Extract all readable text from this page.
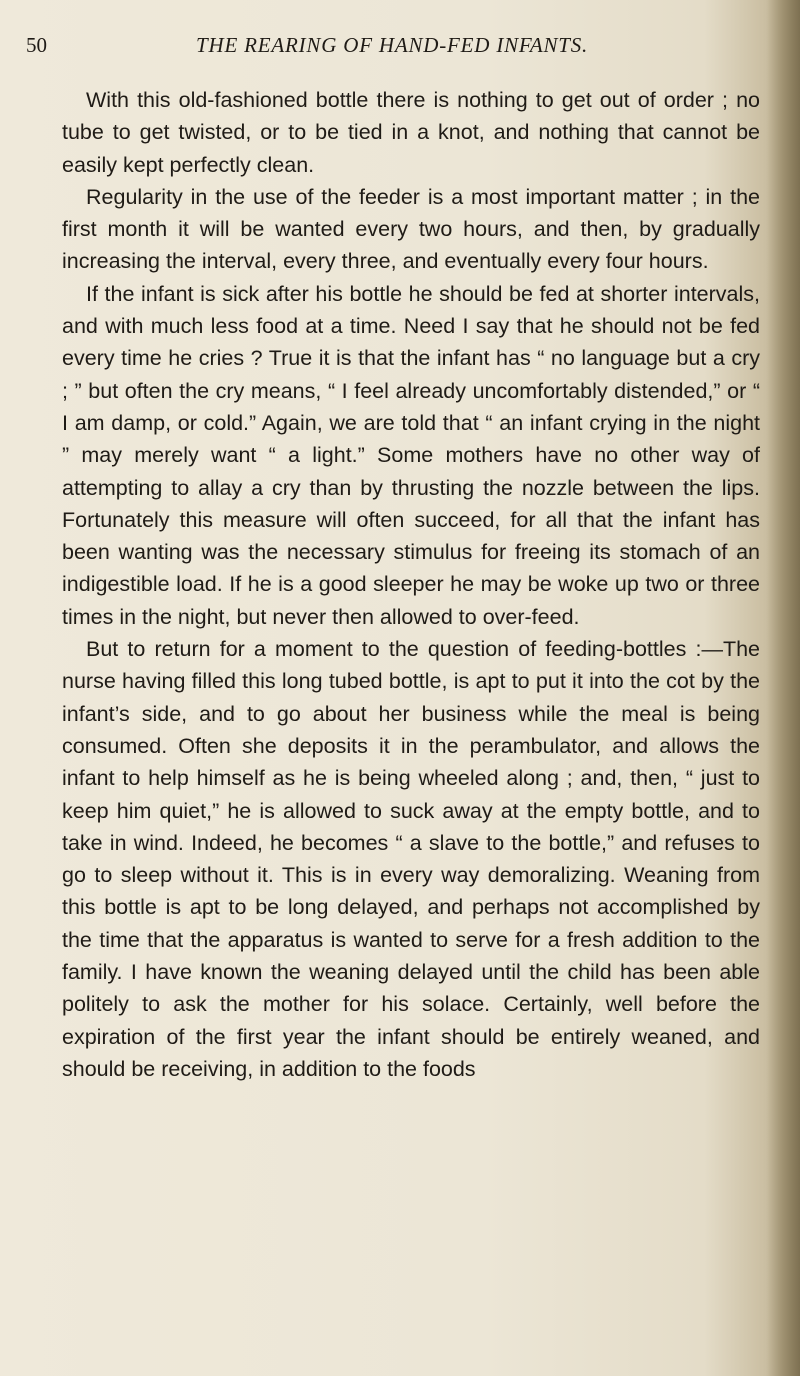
50	THE REARING OF HAND-FED INFANTS.

With this old-fashioned bottle there is nothing to get out of order ; no tube to get twisted, or to be tied in a knot, and nothing that cannot be easily kept perfectly clean.

Regularity in the use of the feeder is a most important matter ; in the first month it will be wanted every two hours, and then, by gradually increasing the interval, every three, and eventually every four hours.

If the infant is sick after his bottle he should be fed at shorter intervals, and with much less food at a time. Need I say that he should not be fed every time he cries ? True it is that the infant has “ no language but a cry ; ” but often the cry means, “ I feel already uncomfortably distended,” or “ I am damp, or cold.” Again, we are told that “ an infant crying in the night ” may merely want “ a light.” Some mothers have no other way of attempting to allay a cry than by thrusting the nozzle between the lips. Fortunately this measure will often succeed, for all that the infant has been wanting was the necessary stimulus for freeing its stomach of an indigestible load. If he is a good sleeper he may be woke up two or three times in the night, but never then allowed to over-feed.

But to return for a moment to the question of feeding-bottles :—The nurse having filled this long tubed bottle, is apt to put it into the cot by the infant’s side, and to go about her business while the meal is being consumed. Often she deposits it in the perambulator, and allows the infant to help himself as he is being wheeled along ; and, then, “ just to keep him quiet,” he is allowed to suck away at the empty bottle, and to take in wind. Indeed, he becomes “ a slave to the bottle,” and refuses to go to sleep without it. This is in every way demoralizing. Weaning from this bottle is apt to be long delayed, and perhaps not accomplished by the time that the apparatus is wanted to serve for a fresh addition to the family. I have known the weaning delayed until the child has been able politely to ask the mother for his solace. Certainly, well before the expiration of the first year the infant should be entirely weaned, and should be receiving, in addition to the foods
